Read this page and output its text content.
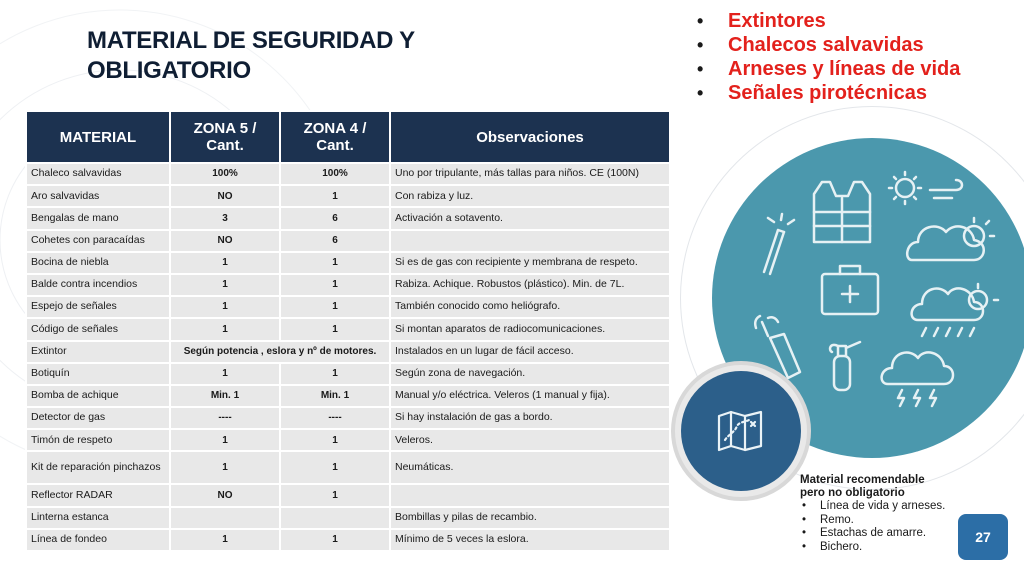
MATERIAL DE SEGURIDAD Y
OBLIGATORIO
• Extintores
• Chalecos salvavidas
• Arneses y líneas de vida
• Señales pirotécnicas
MATERIAL	ZONA 5 / Cant.	ZONA 4 / Cant.	Observaciones
Chaleco salvavidas	100%	100%	Uno por tripulante, más tallas para niños. CE (100N)
Aro salvavidas	NO	1	Con rabiza y luz.
Bengalas de mano	3	6	Activación a sotavento.
Cohetes con paracaídas	NO	6	
Bocina de niebla	1	1	Si es de gas con recipiente y membrana de respeto.
Balde contra incendios	1	1	Rabiza. Achique. Robustos (plástico). Min. de 7L.
Espejo de señales	1	1	También conocido como heliógrafo.
Código de señales	1	1	Si montan aparatos de radiocomunicaciones.
Extintor	Según potencia , eslora y nº de motores.		Instalados en un lugar de fácil acceso.
Botiquín	1	1	Según zona de navegación.
Bomba de achique	Min. 1	Min. 1	Manual y/o eléctrica. Veleros (1 manual y fija).
Detector de gas	----	----	Si hay instalación de gas a bordo.
Timón de respeto	1	1	Veleros.
Kit de reparación pinchazos	1	1	Neumáticas.
Reflector RADAR	NO	1	
Linterna estanca			Bombillas y pilas de recambio.
Línea de fondeo	1	1	Mínimo de 5 veces la eslora.
Material recomendable
pero no obligatorio
• Línea de vida y arneses.
• Remo.
• Estachas de amarre.
• Bichero.
27
